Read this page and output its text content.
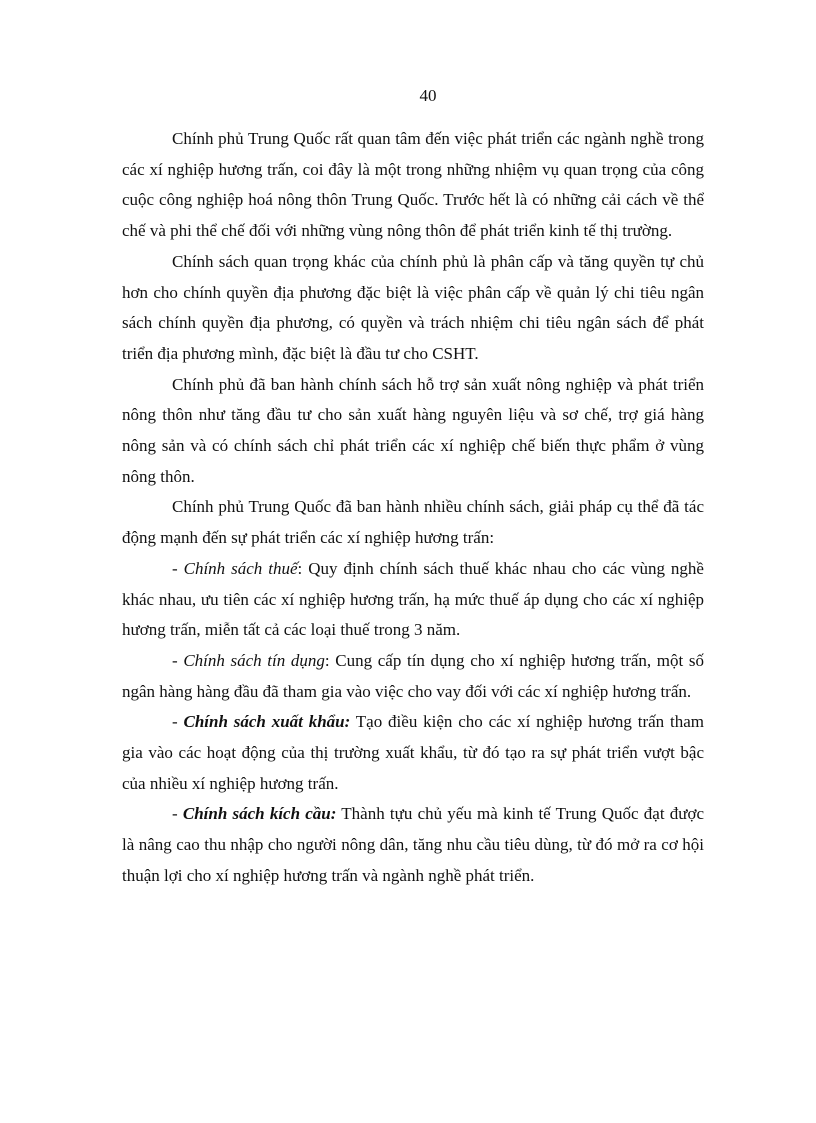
40

Chính phủ Trung Quốc rất quan tâm đến việc phát triển các ngành nghề trong các xí nghiệp hương trấn, coi đây là một trong những nhiệm vụ quan trọng của công cuộc công nghiệp hoá nông thôn Trung Quốc. Trước hết là có những cải cách về thể chế và phi thể chế đối với những vùng nông thôn để phát triển kinh tế thị trường.

Chính sách quan trọng khác của chính phủ là phân cấp và tăng quyền tự chủ hơn cho chính quyền địa phương đặc biệt là việc phân cấp về quản lý chi tiêu ngân sách chính quyền địa phương, có quyền và trách nhiệm chi tiêu ngân sách để phát triển địa phương mình, đặc biệt là đầu tư cho CSHT.

Chính phủ đã ban hành chính sách hỗ trợ sản xuất nông nghiệp và phát triển nông thôn như tăng đầu tư cho sản xuất hàng nguyên liệu và sơ chế, trợ giá hàng nông sản và có chính sách chỉ phát triển các xí nghiệp chế biến thực phẩm ở vùng nông thôn.

Chính phủ Trung Quốc đã ban hành nhiều chính sách, giải pháp cụ thể đã tác động mạnh đến sự phát triển các xí nghiệp hương trấn:

- Chính sách thuế: Quy định chính sách thuế khác nhau cho các vùng nghề khác nhau, ưu tiên các xí nghiệp hương trấn, hạ mức thuế áp dụng cho các xí nghiệp hương trấn, miễn tất cả các loại thuế trong 3 năm.

- Chính sách tín dụng: Cung cấp tín dụng cho xí nghiệp hương trấn, một số ngân hàng hàng đầu đã tham gia vào việc cho vay đối với các xí nghiệp hương trấn.

- Chính sách xuất khẩu: Tạo điều kiện cho các xí nghiệp hương trấn tham gia vào các hoạt động của thị trường xuất khẩu, từ đó tạo ra sự phát triển vượt bậc của nhiều xí nghiệp hương trấn.

- Chính sách kích cầu: Thành tựu chủ yếu mà kinh tế Trung Quốc đạt được là nâng cao thu nhập cho người nông dân, tăng nhu cầu tiêu dùng, từ đó mở ra cơ hội thuận lợi cho xí nghiệp hương trấn và ngành nghề phát triển.
